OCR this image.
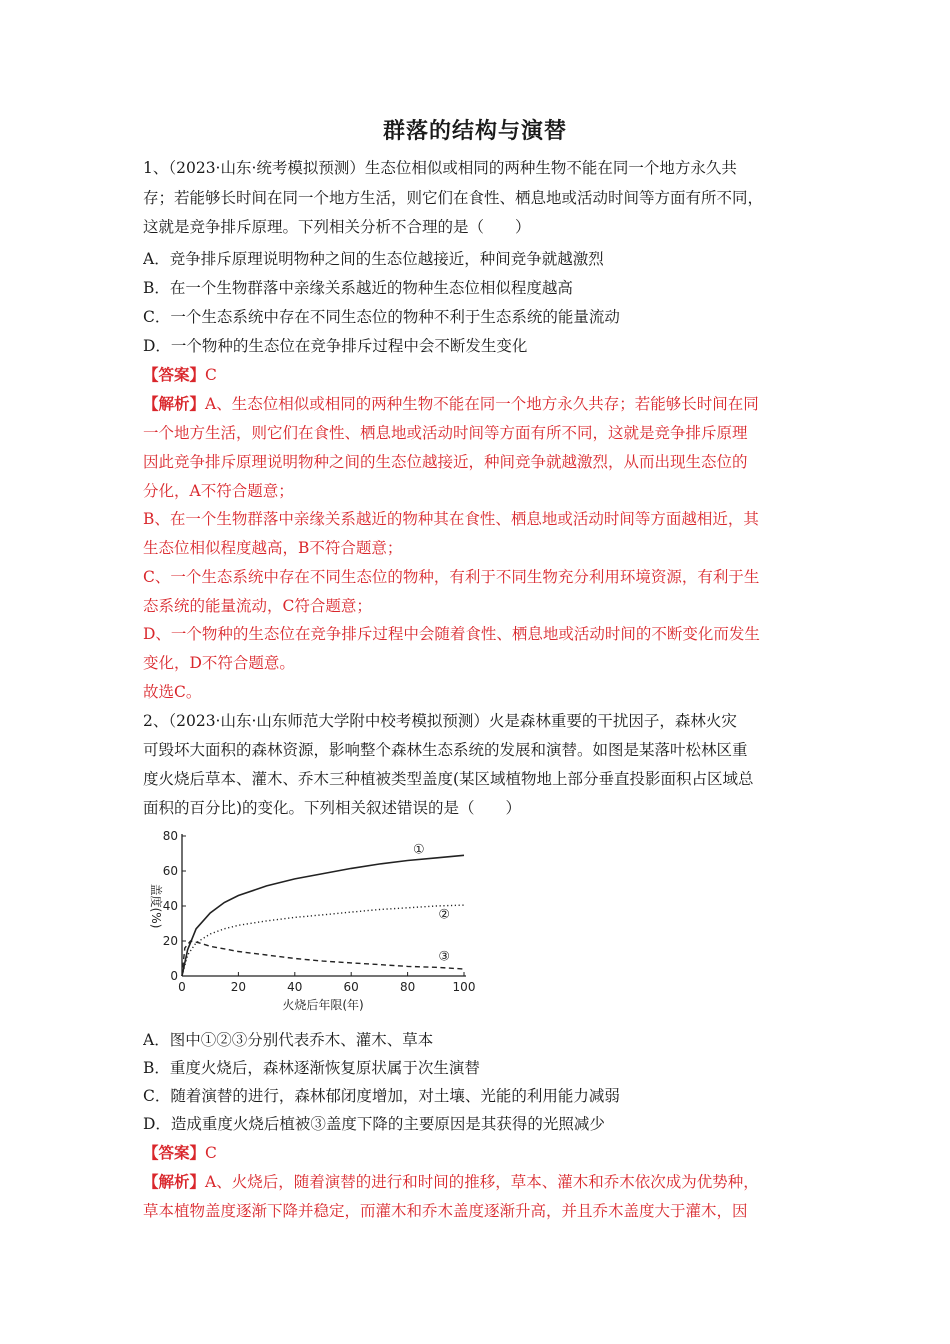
群落的结构与演替
1、（2023·山东·统考模拟预测）生态位相似或相同的两种生物不能在同一个地方永久共
存；若能够长时间在同一个地方生活，则它们在食性、栖息地或活动时间等方面有所不同，
这就是竞争排斥原理。下列相关分析不合理的是（　　）
A．竞争排斥原理说明物种之间的生态位越接近，种间竞争就越激烈
B．在一个生物群落中亲缘关系越近的物种生态位相似程度越高
C．一个生态系统中存在不同生态位的物种不利于生态系统的能量流动
D．一个物种的生态位在竞争排斥过程中会不断发生变化
【答案】C
【解析】A、生态位相似或相同的两种生物不能在同一个地方永久共存；若能够长时间在同
一个地方生活，则它们在食性、栖息地或活动时间等方面有所不同，这就是竞争排斥原理
因此竞争排斥原理说明物种之间的生态位越接近，种间竞争就越激烈，从而出现生态位的
分化，A不符合题意；
B、在一个生物群落中亲缘关系越近的物种其在食性、栖息地或活动时间等方面越相近，其
生态位相似程度越高，B不符合题意；
C、一个生态系统中存在不同生态位的物种，有利于不同生物充分利用环境资源，有利于生
态系统的能量流动，C符合题意；
D、一个物种的生态位在竞争排斥过程中会随着食性、栖息地或活动时间的不断变化而发生
变化，D不符合题意。
故选C。
2、（2023·山东·山东师范大学附中校考模拟预测）火是森林重要的干扰因子，森林火灾
可毁坏大面积的森林资源，影响整个森林生态系统的发展和演替。如图是某落叶松林区重
度火烧后草本、灌木、乔木三种植被类型盖度(某区域植物地上部分垂直投影面积占区域总
面积的百分比)的变化。下列相关叙述错误的是（　　）
0	20	40	60	80	100
0
20
40
60
80
火烧后年限(年)
盖度(%)
①
②
③
A．图中①②③分别代表乔木、灌木、草本
B．重度火烧后，森林逐渐恢复原状属于次生演替
C．随着演替的进行，森林郁闭度增加，对土壤、光能的利用能力减弱
D．造成重度火烧后植被③盖度下降的主要原因是其获得的光照减少
【答案】C
【解析】A、火烧后，随着演替的进行和时间的推移，草本、灌木和乔木依次成为优势种，
草本植物盖度逐渐下降并稳定，而灌木和乔木盖度逐渐升高，并且乔木盖度大于灌木，因
